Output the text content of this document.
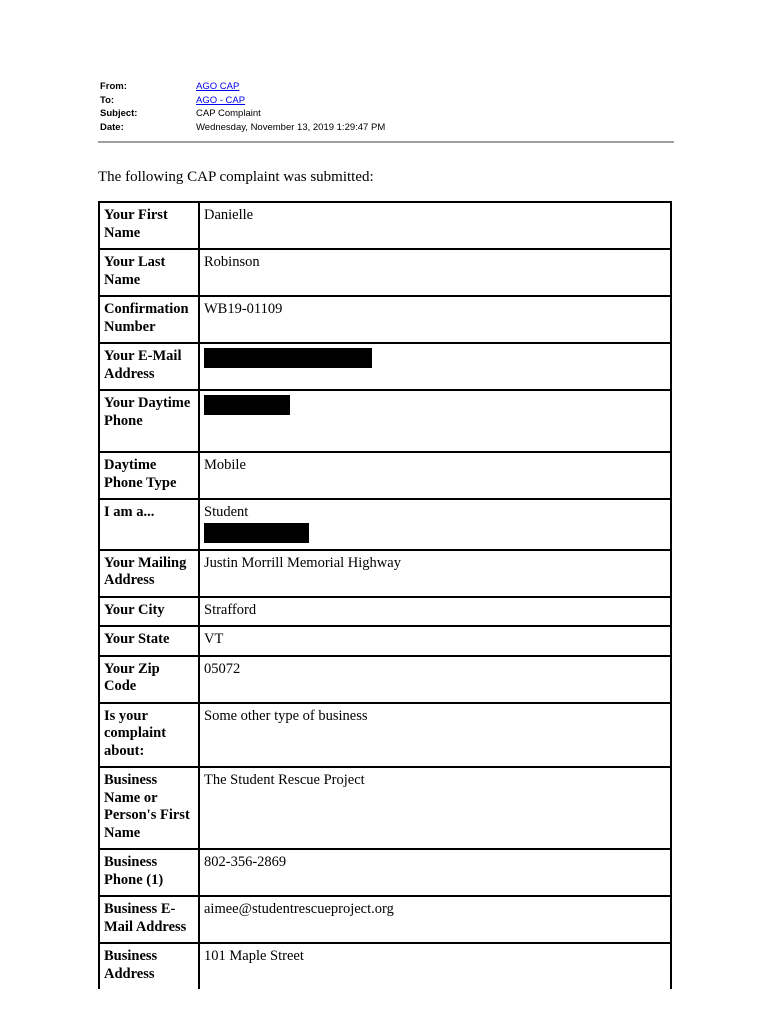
From:	AGO CAP
To:	AGO - CAP
Subject:	CAP Complaint
Date:	Wednesday, November 13, 2019 1:29:47 PM
The following CAP complaint was submitted:
Your First Name	Danielle
Your Last Name	Robinson
Confirmation Number	WB19-01109
Your E-Mail Address	

Your Daytime Phone	

Daytime Phone Type	Mobile
I am a...	Student

Your Mailing Address	Justin Morrill Memorial Highway
Your City	Strafford
Your State	VT
Your Zip Code	05072
Is your complaint about:	Some other type of business
Business Name or Person's First Name	The Student Rescue Project
Business Phone (1)	802-356-2869
Business E-Mail Address	aimee@studentrescueproject.org
Business Address	101 Maple Street
